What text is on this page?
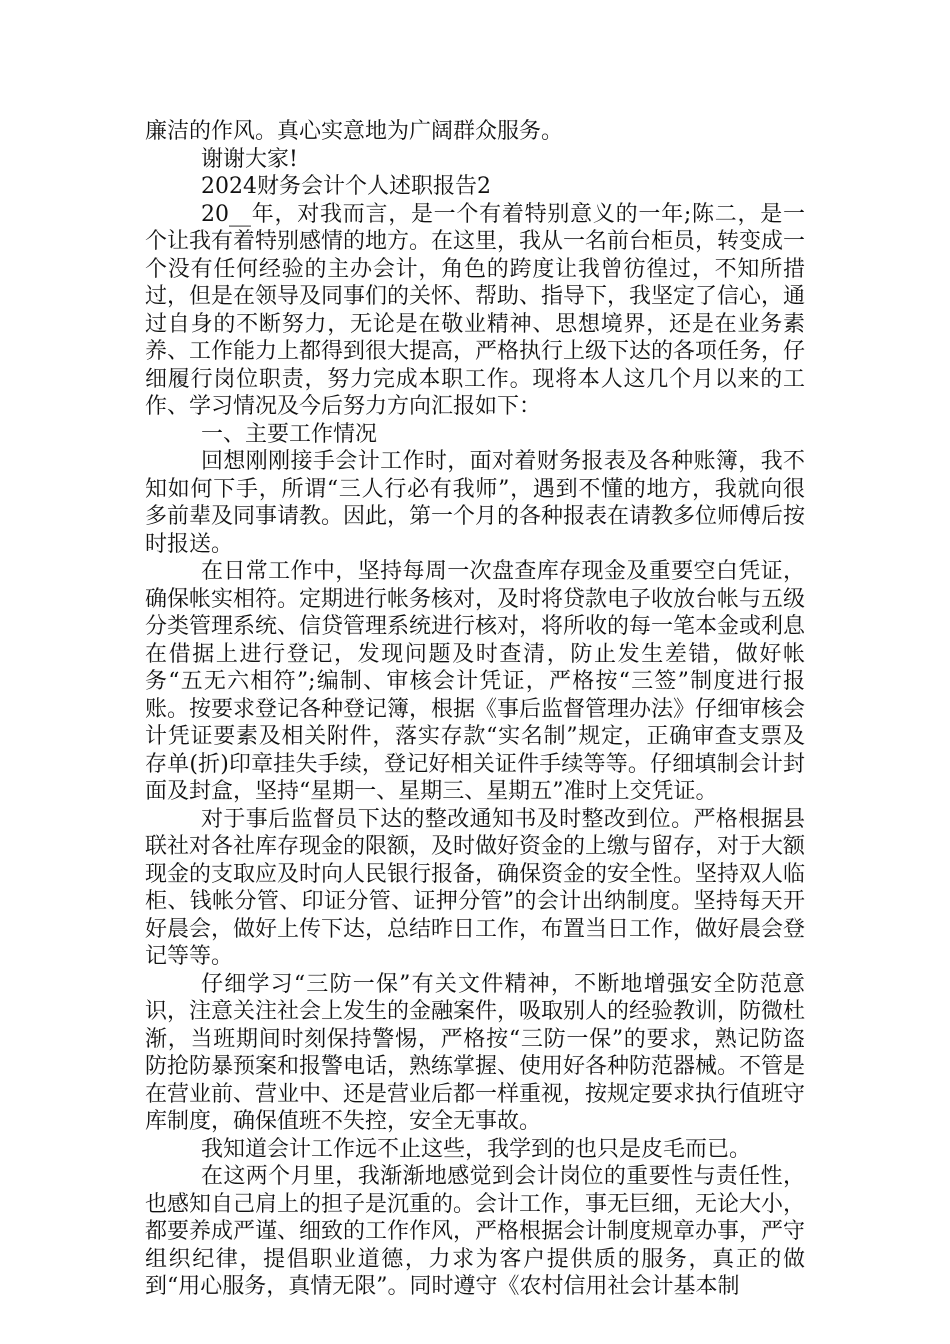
廉洁的作风。真心实意地为广阔群众服务。

谢谢大家!

2024财务会计个人述职报告2

20__年，对我而言，是一个有着特别意义的一年;陈二，是一个让我有着特别感情的地方。在这里，我从一名前台柜员，转变成一个没有任何经验的主办会计，角色的跨度让我曾彷徨过，不知所措过，但是在领导及同事们的关怀、帮助、指导下，我坚定了信心，通过自身的不断努力，无论是在敬业精神、思想境界，还是在业务素养、工作能力上都得到很大提高，严格执行上级下达的各项任务，仔细履行岗位职责，努力完成本职工作。现将本人这几个月以来的工作、学习情况及今后努力方向汇报如下：

一、主要工作情况

回想刚刚接手会计工作时，面对着财务报表及各种账簿，我不知如何下手，所谓“三人行必有我师”，遇到不懂的地方，我就向很多前辈及同事请教。因此，第一个月的各种报表在请教多位师傅后按时报送。

在日常工作中，坚持每周一次盘查库存现金及重要空白凭证，确保帐实相符。定期进行帐务核对，及时将贷款电子收放台帐与五级分类管理系统、信贷管理系统进行核对，将所收的每一笔本金或利息在借据上进行登记，发现问题及时查清，防止发生差错，做好帐务“五无六相符”;编制、审核会计凭证，严格按“三签”制度进行报账。按要求登记各种登记簿，根据《事后监督管理办法》仔细审核会计凭证要素及相关附件，落实存款“实名制”规定，正确审查支票及存单(折)印章挂失手续，登记好相关证件手续等等。仔细填制会计封面及封盒，坚持“星期一、星期三、星期五”准时上交凭证。

对于事后监督员下达的整改通知书及时整改到位。严格根据县联社对各社库存现金的限额，及时做好资金的上缴与留存，对于大额现金的支取应及时向人民银行报备，确保资金的安全性。坚持双人临柜、钱帐分管、印证分管、证押分管”的会计出纳制度。坚持每天开好晨会，做好上传下达，总结昨日工作，布置当日工作，做好晨会登记等等。

仔细学习“三防一保”有关文件精神，不断地增强安全防范意识，注意关注社会上发生的金融案件，吸取别人的经验教训，防微杜渐，当班期间时刻保持警惕，严格按“三防一保”的要求，熟记防盗防抢防暴预案和报警电话，熟练掌握、使用好各种防范器械。不管是在营业前、营业中、还是营业后都一样重视，按规定要求执行值班守库制度，确保值班不失控，安全无事故。

我知道会计工作远不止这些，我学到的也只是皮毛而已。

在这两个月里，我渐渐地感觉到会计岗位的重要性与责任性，也感知自己肩上的担子是沉重的。会计工作，事无巨细，无论大小，都要养成严谨、细致的工作作风，严格根据会计制度规章办事，严守组织纪律，提倡职业道德，力求为客户提供质的服务，真正的做到“用心服务，真情无限”。同时遵守《农村信用社会计基本制
